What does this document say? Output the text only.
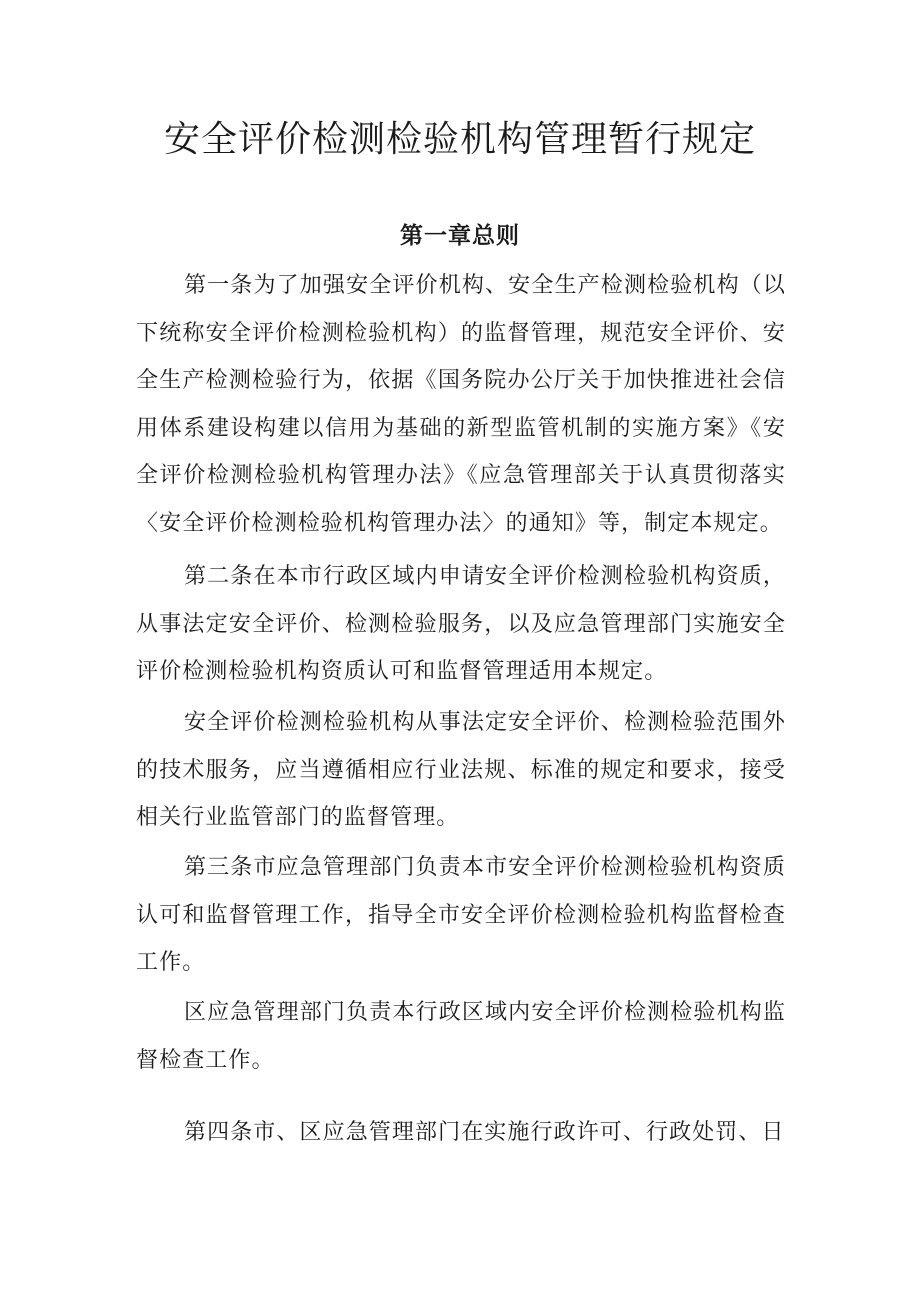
安全评价检测检验机构管理暂行规定
第一章总则

第一条为了加强安全评价机构、安全生产检测检验机构（以下统称安全评价检测检验机构）的监督管理，规范安全评价、安全生产检测检验行为，依据《国务院办公厅关于加快推进社会信用体系建设构建以信用为基础的新型监管机制的实施方案》《安全评价检测检验机构管理办法》《应急管理部关于认真贯彻落实〈安全评价检测检验机构管理办法〉的通知》等，制定本规定。

第二条在本市行政区域内申请安全评价检测检验机构资质，从事法定安全评价、检测检验服务，以及应急管理部门实施安全评价检测检验机构资质认可和监督管理适用本规定。

安全评价检测检验机构从事法定安全评价、检测检验范围外的技术服务，应当遵循相应行业法规、标准的规定和要求，接受相关行业监管部门的监督管理。

第三条市应急管理部门负责本市安全评价检测检验机构资质认可和监督管理工作，指导全市安全评价检测检验机构监督检查工作。

区应急管理部门负责本行政区域内安全评价检测检验机构监督检查工作。

第四条市、区应急管理部门在实施行政许可、行政处罚、日
